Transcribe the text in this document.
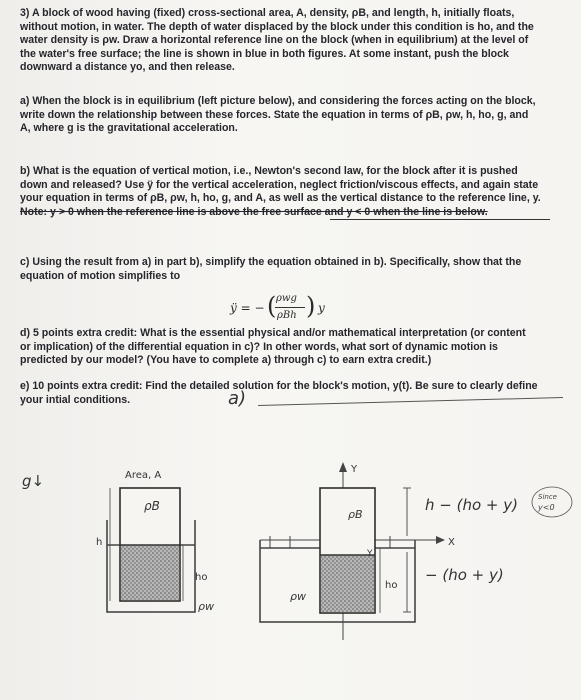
3) A block of wood having (fixed) cross-sectional area, A, density, ρB, and length, h, initially floats,

without motion, in water. The depth of water displaced by the block under this condition is ho, and the

water density is ρw. Draw a horizontal reference line on the block (when in equilibrium) at the level of

the water's free surface; the line is shown in blue in both figures. At some instant, push the block

downward a distance yo, and then release.

a) When the block is in equilibrium (left picture below), and considering the forces acting on the block,

write down the relationship between these forces. State the equation in terms of ρB, ρw, h, ho, g, and

A, where g is the gravitational acceleration.

b) What is the equation of vertical motion, i.e., Newton's second law, for the block after it is pushed

down and released? Use ÿ for the vertical acceleration, neglect friction/viscous effects, and again state

your equation in terms of ρB, ρw, h, ho, g, and A, as well as the vertical distance to the reference line, y.

Note: y > 0 when the reference line is above the free surface and y < 0 when the line is below.

c) Using the result from a) in part b), simplify the equation obtained in b). Specifically, show that the

equation of motion simplifies to

ÿ = − ( ρwg
ρBh ) y

d) 5 points extra credit: What is the essential physical and/or mathematical interpretation (or content

or implication) of the differential equation in c)? In other words, what sort of dynamic motion is

predicted by our model? (You have to complete a) through c) to earn extra credit.)

e) 10 points extra credit: Find the detailed solution for the block's motion, y(t). Be sure to clearly define

your intial conditions.	a)
g↓	Area, A
ρB
h
ho
ρw
Y
X
ρB
Y
ho
ρw
h − (ho + y)	Since
y<0
− (ho + y)
